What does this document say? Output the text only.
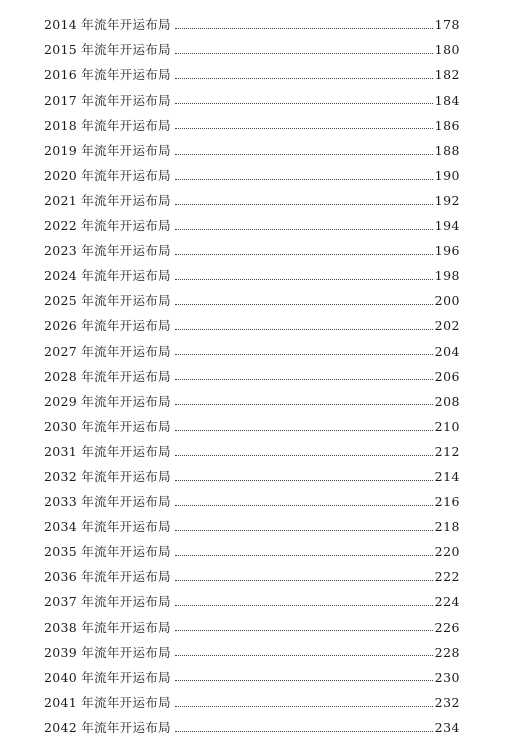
2014 年流年开运布局	178
2015 年流年开运布局	180
2016 年流年开运布局	182
2017 年流年开运布局	184
2018 年流年开运布局	186
2019 年流年开运布局	188
2020 年流年开运布局	190
2021 年流年开运布局	192
2022 年流年开运布局	194
2023 年流年开运布局	196
2024 年流年开运布局	198
2025 年流年开运布局	200
2026 年流年开运布局	202
2027 年流年开运布局	204
2028 年流年开运布局	206
2029 年流年开运布局	208
2030 年流年开运布局	210
2031 年流年开运布局	212
2032 年流年开运布局	214
2033 年流年开运布局	216
2034 年流年开运布局	218
2035 年流年开运布局	220
2036 年流年开运布局	222
2037 年流年开运布局	224
2038 年流年开运布局	226
2039 年流年开运布局	228
2040 年流年开运布局	230
2041 年流年开运布局	232
2042 年流年开运布局	234
